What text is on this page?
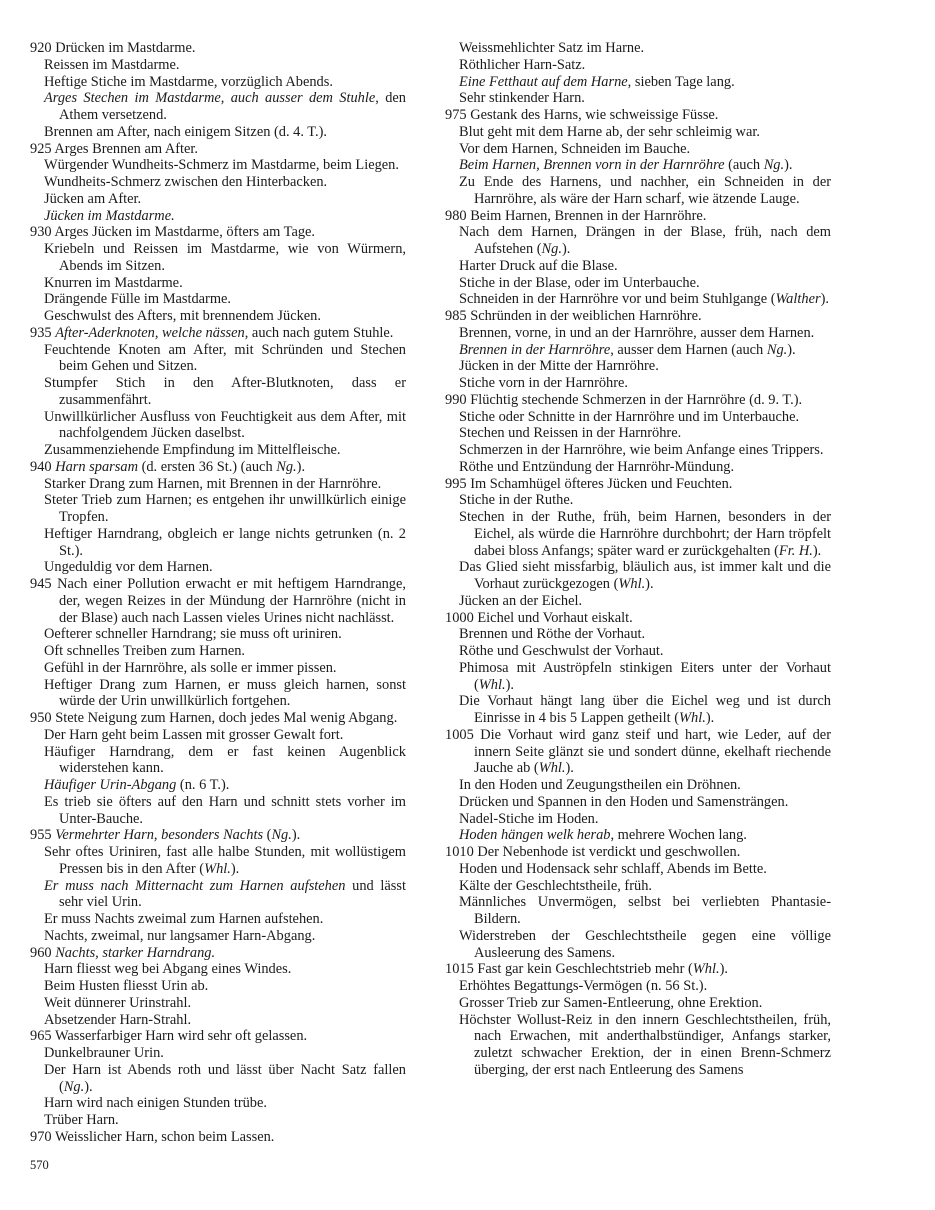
920 Drücken im Mastdarme.

Reissen im Mastdarme.

Heftige Stiche im Mastdarme, vorzüglich Abends.

Arges Stechen im Mastdarme, auch ausser dem Stuhle, den Athem versetzend.

Brennen am After, nach einigem Sitzen (d. 4. T.).

925 Arges Brennen am After.

Würgender Wundheits-Schmerz im Mastdarme, beim Liegen.

Wundheits-Schmerz zwischen den Hinterbacken.

Jücken am After.

Jücken im Mastdarme.

930 Arges Jücken im Mastdarme, öfters am Tage.

Kriebeln und Reissen im Mastdarme, wie von Würmern, Abends im Sitzen.

Knurren im Mastdarme.

Drängende Fülle im Mastdarme.

Geschwulst des Afters, mit brennendem Jücken.

935 After-Aderknoten, welche nässen, auch nach gutem Stuhle.

Feuchtende Knoten am After, mit Schründen und Stechen beim Gehen und Sitzen.

Stumpfer Stich in den After-Blutknoten, dass er zusammenfährt.

Unwillkürlicher Ausfluss von Feuchtigkeit aus dem After, mit nachfolgendem Jücken daselbst.

Zusammenziehende Empfindung im Mittelfleische.

940 Harn sparsam (d. ersten 36 St.) (auch Ng.).

Starker Drang zum Harnen, mit Brennen in der Harnröhre.

Steter Trieb zum Harnen; es entgehen ihr unwillkürlich einige Tropfen.

Heftiger Harndrang, obgleich er lange nichts getrunken (n. 2 St.).

Ungeduldig vor dem Harnen.

945 Nach einer Pollution erwacht er mit heftigem Harndrange, der, wegen Reizes in der Mündung der Harnröhre (nicht in der Blase) auch nach Lassen vieles Urines nicht nachlässt.

Oefterer schneller Harndrang; sie muss oft uriniren.

Oft schnelles Treiben zum Harnen.

Gefühl in der Harnröhre, als solle er immer pissen.

Heftiger Drang zum Harnen, er muss gleich harnen, sonst würde der Urin unwillkürlich fortgehen.

950 Stete Neigung zum Harnen, doch jedes Mal wenig Abgang.

Der Harn geht beim Lassen mit grosser Gewalt fort.

Häufiger Harndrang, dem er fast keinen Augenblick widerstehen kann.

Häufiger Urin-Abgang (n. 6 T.).

Es trieb sie öfters auf den Harn und schnitt stets vorher im Unter-Bauche.

955 Vermehrter Harn, besonders Nachts (Ng.).

Sehr oftes Uriniren, fast alle halbe Stunden, mit wollüstigem Pressen bis in den After (Whl.).

Er muss nach Mitternacht zum Harnen aufstehen und lässt sehr viel Urin.

Er muss Nachts zweimal zum Harnen aufstehen.

Nachts, zweimal, nur langsamer Harn-Abgang.

960 Nachts, starker Harndrang.

Harn fliesst weg bei Abgang eines Windes.

Beim Husten fliesst Urin ab.

Weit dünnerer Urinstrahl.

Absetzender Harn-Strahl.

965 Wasserfarbiger Harn wird sehr oft gelassen.

Dunkelbrauner Urin.

Der Harn ist Abends roth und lässt über Nacht Satz fallen (Ng.).

Harn wird nach einigen Stunden trübe.

Trüber Harn.

970 Weisslicher Harn, schon beim Lassen.

Weissmehlichter Satz im Harne.

Röthlicher Harn-Satz.

Eine Fetthaut auf dem Harne, sieben Tage lang.

Sehr stinkender Harn.

975 Gestank des Harns, wie schweissige Füsse.

Blut geht mit dem Harne ab, der sehr schleimig war.

Vor dem Harnen, Schneiden im Bauche.

Beim Harnen, Brennen vorn in der Harnröhre (auch Ng.).

Zu Ende des Harnens, und nachher, ein Schneiden in der Harnröhre, als wäre der Harn scharf, wie ätzende Lauge.

980 Beim Harnen, Brennen in der Harnröhre.

Nach dem Harnen, Drängen in der Blase, früh, nach dem Aufstehen (Ng.).

Harter Druck auf die Blase.

Stiche in der Blase, oder im Unterbauche.

Schneiden in der Harnröhre vor und beim Stuhlgange (Walther).

985 Schründen in der weiblichen Harnröhre.

Brennen, vorne, in und an der Harnröhre, ausser dem Harnen.

Brennen in der Harnröhre, ausser dem Harnen (auch Ng.).

Jücken in der Mitte der Harnröhre.

Stiche vorn in der Harnröhre.

990 Flüchtig stechende Schmerzen in der Harnröhre (d. 9. T.).

Stiche oder Schnitte in der Harnröhre und im Unterbauche.

Stechen und Reissen in der Harnröhre.

Schmerzen in der Harnröhre, wie beim Anfange eines Trippers.

Röthe und Entzündung der Harnröhr-Mündung.

995 Im Schamhügel öfteres Jücken und Feuchten.

Stiche in der Ruthe.

Stechen in der Ruthe, früh, beim Harnen, besonders in der Eichel, als würde die Harnröhre durchbohrt; der Harn tröpfelt dabei bloss Anfangs; später ward er zurückgehalten (Fr. H.).

Das Glied sieht missfarbig, bläulich aus, ist immer kalt und die Vorhaut zurückgezogen (Whl.).

Jücken an der Eichel.

1000 Eichel und Vorhaut eiskalt.

Brennen und Röthe der Vorhaut.

Röthe und Geschwulst der Vorhaut.

Phimosa mit Auströpfeln stinkigen Eiters unter der Vorhaut (Whl.).

Die Vorhaut hängt lang über die Eichel weg und ist durch Einrisse in 4 bis 5 Lappen getheilt (Whl.).

1005 Die Vorhaut wird ganz steif und hart, wie Leder, auf der innern Seite glänzt sie und sondert dünne, ekelhaft riechende Jauche ab (Whl.).

In den Hoden und Zeugungstheilen ein Dröhnen.

Drücken und Spannen in den Hoden und Samensträngen.

Nadel-Stiche im Hoden.

Hoden hängen welk herab, mehrere Wochen lang.

1010 Der Nebenhode ist verdickt und geschwollen.

Hoden und Hodensack sehr schlaff, Abends im Bette.

Kälte der Geschlechtstheile, früh.

Männliches Unvermögen, selbst bei verliebten Phantasie-Bildern.

Widerstreben der Geschlechtstheile gegen eine völlige Ausleerung des Samens.

1015 Fast gar kein Geschlechtstrieb mehr (Whl.).

Erhöhtes Begattungs-Vermögen (n. 56 St.).

Grosser Trieb zur Samen-Entleerung, ohne Erektion.

Höchster Wollust-Reiz in den innern Geschlechtstheilen, früh, nach Erwachen, mit anderthalbstündiger, Anfangs starker, zuletzt schwacher Erektion, der in einen Brenn-Schmerz überging, der erst nach Entleerung des Samens

570
